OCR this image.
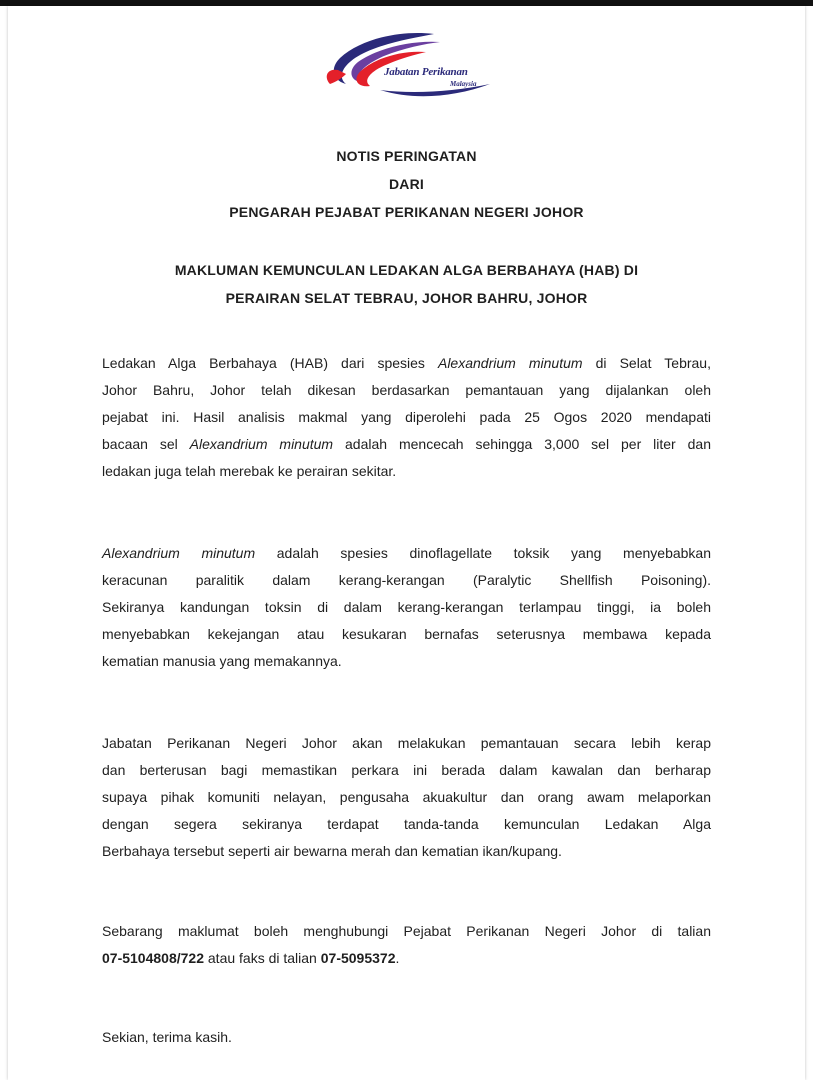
Jabatan Perikanan
Malaysia
NOTIS PERINGATAN
DARI
PENGARAH PEJABAT PERIKANAN NEGERI JOHOR
MAKLUMAN KEMUNCULAN LEDAKAN ALGA BERBAHAYA (HAB) DI
PERAIRAN SELAT TEBRAU, JOHOR BAHRU, JOHOR
Ledakan Alga Berbahaya (HAB) dari spesies Alexandrium minutum di Selat Tebrau,
Johor Bahru, Johor telah dikesan berdasarkan pemantauan yang dijalankan oleh
pejabat ini. Hasil analisis makmal yang diperolehi pada 25 Ogos 2020 mendapati
bacaan sel Alexandrium minutum adalah mencecah sehingga 3,000 sel per liter dan
ledakan juga telah merebak ke perairan sekitar.
Alexandrium minutum adalah spesies dinoflagellate toksik yang menyebabkan
keracunan paralitik dalam kerang-kerangan (Paralytic Shellfish Poisoning).
Sekiranya kandungan toksin di dalam kerang-kerangan terlampau tinggi, ia boleh
menyebabkan kekejangan atau kesukaran bernafas seterusnya membawa kepada
kematian manusia yang memakannya.
Jabatan Perikanan Negeri Johor akan melakukan pemantauan secara lebih kerap
dan berterusan bagi memastikan perkara ini berada dalam kawalan dan berharap
supaya pihak komuniti nelayan, pengusaha akuakultur dan orang awam melaporkan
dengan segera sekiranya terdapat tanda-tanda kemunculan Ledakan Alga
Berbahaya tersebut seperti air bewarna merah dan kematian ikan/kupang.
Sebarang maklumat boleh menghubungi Pejabat Perikanan Negeri Johor di talian
07-5104808/722 atau faks di talian 07-5095372.
Sekian, terima kasih.
